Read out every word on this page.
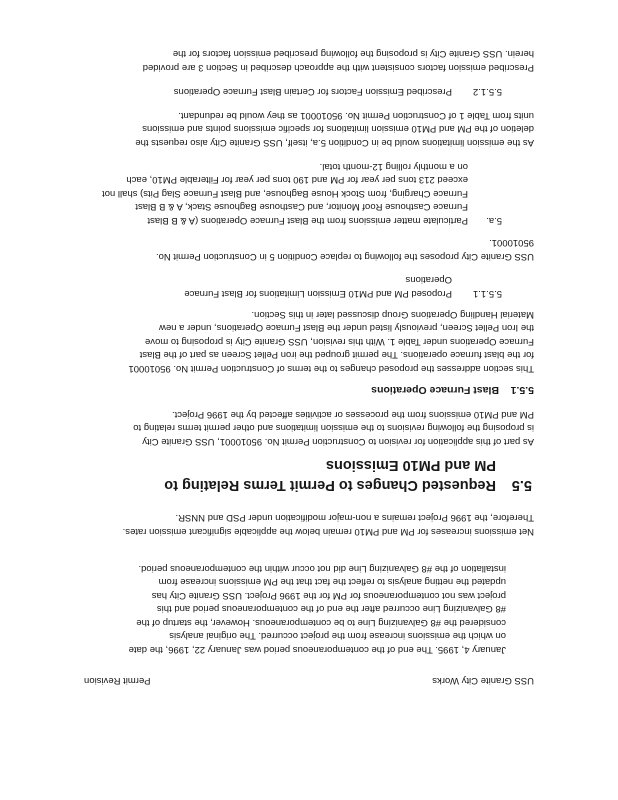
USS Granite City Works
Permit Revision
January 4, 1995. The end of the contemporaneous period was January 22, 1996, the date
on which the emissions increase from the project occurred. The original analysis
considered the #8 Galvanizing Line to be contemporaneous. However, the startup of the
#8 Galvanizing Line occurred after the end of the contemporaneous period and this
project was not contemporaneous for PM for the 1996 Project. USS Granite City has
updated the netting analysis to reflect the fact that the PM emissions increase from
installation of the #8 Galvanizing Line did not occur within the contemporaneous period.
Net emissions increases for PM and PM10 remain below the applicable significant emission rates.
Therefore, the 1996 Project remains a non-major modification under PSD and NNSR.
5.5Requested Changes to Permit Terms Relating to
PM and PM10 Emissions
As part of this application for revision to Construction Permit No. 95010001, USS Granite City
is proposing the following revisions to the emission limitations and other permit terms relating to
PM and PM10 emissions from the processes or activities affected by the 1996 Project.
5.5.1    Blast Furnace Operations
This section addresses the proposed changes to the terms of Construction Permit No. 95010001
for the blast furnace operations. The permit grouped the iron Pellet Screen as part of the Blast
Furnace Operations under Table 1. With this revision, USS Granite City is proposing to move
the Iron Pellet Screen, previously listed under the Blast Furnace Operations, under a new
Material Handling Operations Group discussed later in this Section.
5.5.1.1Proposed PM and PM10 Emission Limitations for Blast Furnace
Operations
USS Granite City proposes the following to replace Condition 5 in Construction Permit No.
95010001.
5.a.
Particulate matter emissions from the Blast Furnace Operations (A & B Blast
Furnace Casthouse Roof Monitor, and Casthouse Baghouse Stack, A & B Blast
Furnace Charging, from Stock House Baghouse, and Blast Furnace Slag Pits) shall not
exceed 213 tons per year for PM and 190 tons per year for Filterable PM10, each
on a monthly rolling 12-month total.
As the emission limitations would be in Condition 5.a, itself, USS Granite City also requests the
deletion of the PM and PM10 emission limitations for specific emissions points and emissions
units from Table 1 of Construction Permit No. 95010001 as they would be redundant.
5.5.1.2Prescribed Emission Factors for Certain Blast Furnace Operations
Prescribed emission factors consistent with the approach described in Section 3 are provided
herein. USS Granite City is proposing the following prescribed emission factors for the
